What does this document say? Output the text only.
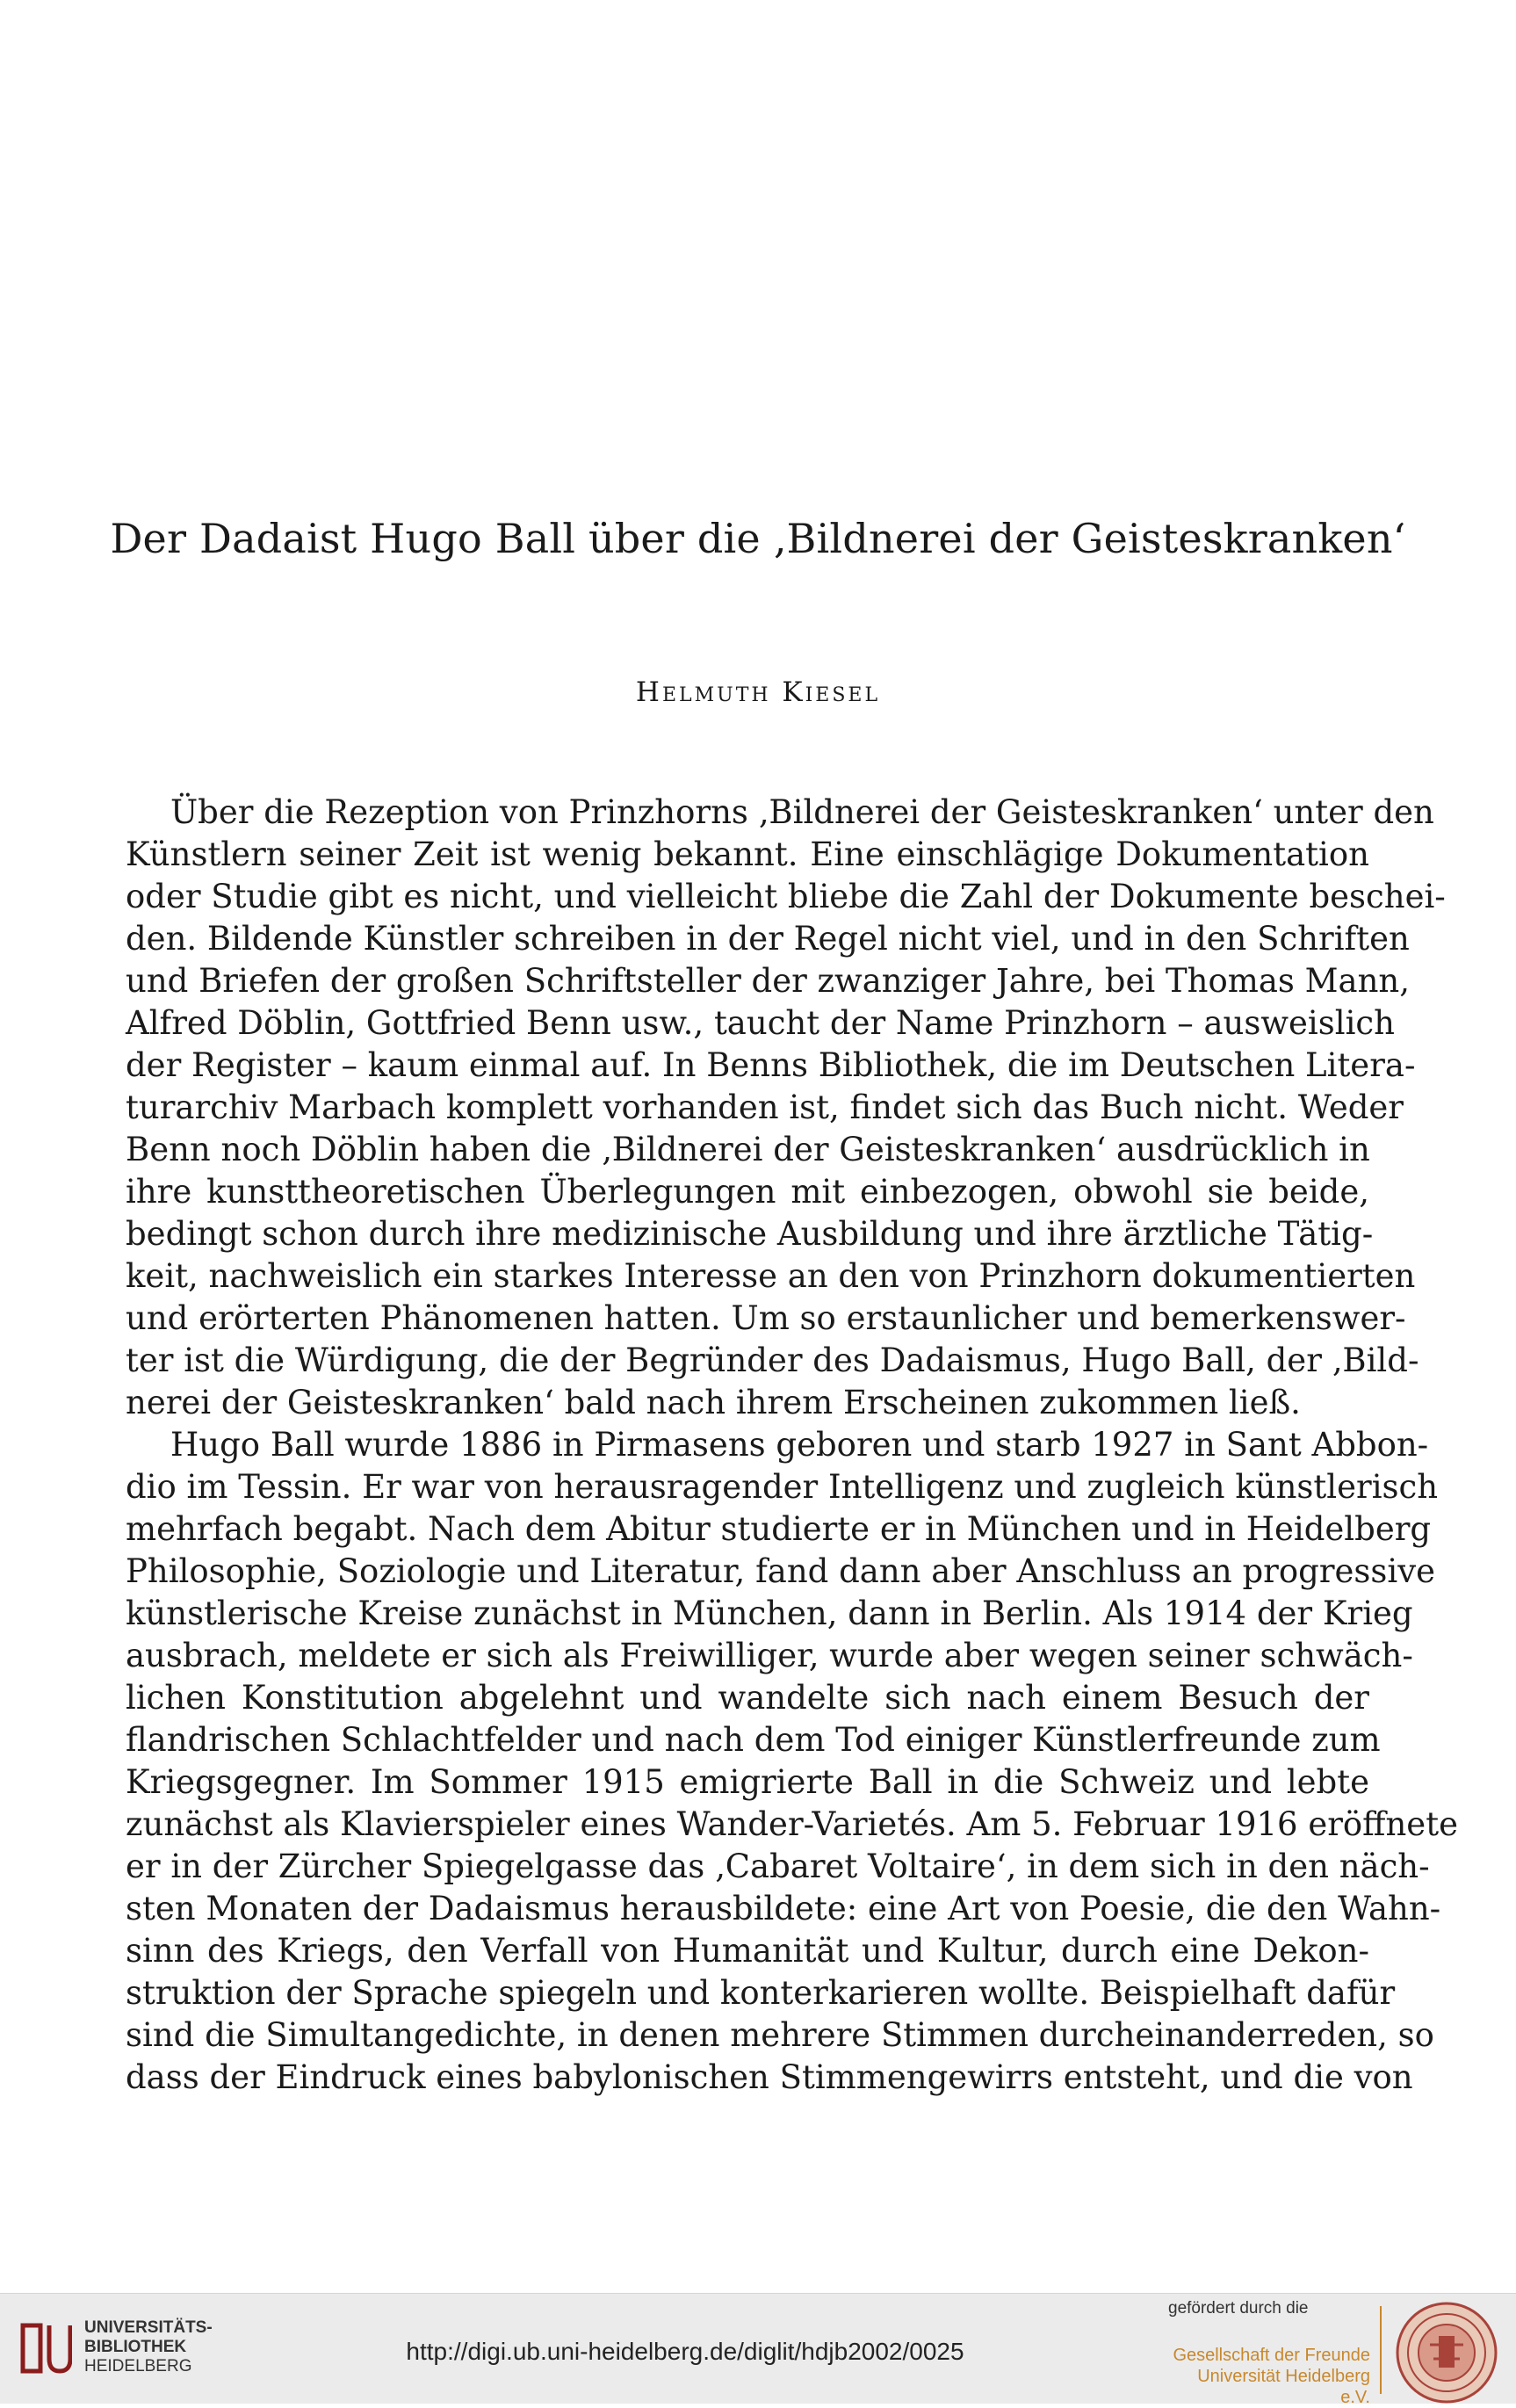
Der Dadaist Hugo Ball über die ‚Bildnerei der Geisteskranken‘
Helmuth Kiesel
Über die Rezeption von Prinzhorns ‚Bildnerei der Geisteskranken‘ unter den
Künstlern seiner Zeit ist wenig bekannt. Eine einschlägige Dokumentation
oder Studie gibt es nicht, und vielleicht bliebe die Zahl der Dokumente beschei-
den. Bildende Künstler schreiben in der Regel nicht viel, und in den Schriften
und Briefen der großen Schriftsteller der zwanziger Jahre, bei Thomas Mann,
Alfred Döblin, Gottfried Benn usw., taucht der Name Prinzhorn – ausweislich
der Register – kaum einmal auf. In Benns Bibliothek, die im Deutschen Litera-
turarchiv Marbach komplett vorhanden ist, findet sich das Buch nicht. Weder
Benn noch Döblin haben die ‚Bildnerei der Geisteskranken‘ ausdrücklich in
ihre kunsttheoretischen Überlegungen mit einbezogen, obwohl sie beide,
bedingt schon durch ihre medizinische Ausbildung und ihre ärztliche Tätig-
keit, nachweislich ein starkes Interesse an den von Prinzhorn dokumentierten
und erörterten Phänomenen hatten. Um so erstaunlicher und bemerkenswer-
ter ist die Würdigung, die der Begründer des Dadaismus, Hugo Ball, der ‚Bild-
nerei der Geisteskranken‘ bald nach ihrem Erscheinen zukommen ließ.
Hugo Ball wurde 1886 in Pirmasens geboren und starb 1927 in Sant Abbon-
dio im Tessin. Er war von herausragender Intelligenz und zugleich künstlerisch
mehrfach begabt. Nach dem Abitur studierte er in München und in Heidelberg
Philosophie, Soziologie und Literatur, fand dann aber Anschluss an progressive
künstlerische Kreise zunächst in München, dann in Berlin. Als 1914 der Krieg
ausbrach, meldete er sich als Freiwilliger, wurde aber wegen seiner schwäch-
lichen Konstitution abgelehnt und wandelte sich nach einem Besuch der
flandrischen Schlachtfelder und nach dem Tod einiger Künstlerfreunde zum
Kriegsgegner. Im Sommer 1915 emigrierte Ball in die Schweiz und lebte
zunächst als Klavierspieler eines Wander-Varietés. Am 5. Februar 1916 eröffnete
er in der Zürcher Spiegelgasse das ‚Cabaret Voltaire‘, in dem sich in den näch-
sten Monaten der Dadaismus herausbildete: eine Art von Poesie, die den Wahn-
sinn des Kriegs, den Verfall von Humanität und Kultur, durch eine Dekon-
struktion der Sprache spiegeln und konterkarieren wollte. Beispielhaft dafür
sind die Simultangedichte, in denen mehrere Stimmen durcheinanderreden, so
dass der Eindruck eines babylonischen Stimmengewirrs entsteht, und die von
UNIVERSITÄTS-
BIBLIOTHEK
HEIDELBERG
http://digi.ub.uni-heidelberg.de/diglit/hdjb2002/0025
gefördert durch die
Gesellschaft der Freunde
Universität Heidelberg e.V.
